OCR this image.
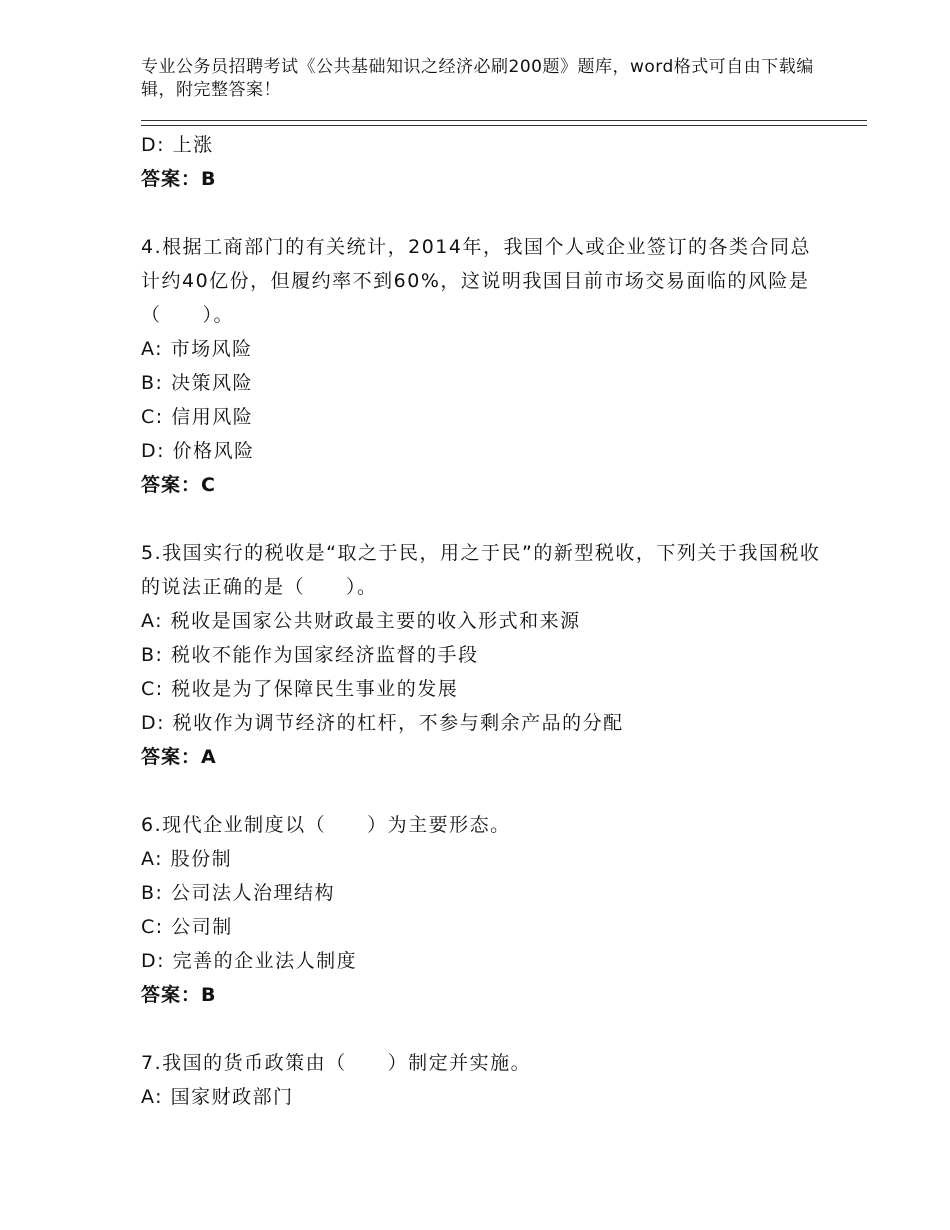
专业公务员招聘考试《公共基础知识之经济必刷200题》题库，word格式可自由下载编辑，附完整答案！
D: 上涨
答案：B
4.根据工商部门的有关统计，2014年，我国个人或企业签订的各类合同总计约40亿份，但履约率不到60%，这说明我国目前市场交易面临的风险是（　　）。
A: 市场风险
B: 决策风险
C: 信用风险
D: 价格风险
答案：C
5.我国实行的税收是“取之于民，用之于民”的新型税收，下列关于我国税收的说法正确的是（　　）。
A: 税收是国家公共财政最主要的收入形式和来源
B: 税收不能作为国家经济监督的手段
C: 税收是为了保障民生事业的发展
D: 税收作为调节经济的杠杆，不参与剩余产品的分配
答案：A
6.现代企业制度以（　　）为主要形态。
A: 股份制
B: 公司法人治理结构
C: 公司制
D: 完善的企业法人制度
答案：B
7.我国的货币政策由（　　）制定并实施。
A: 国家财政部门
